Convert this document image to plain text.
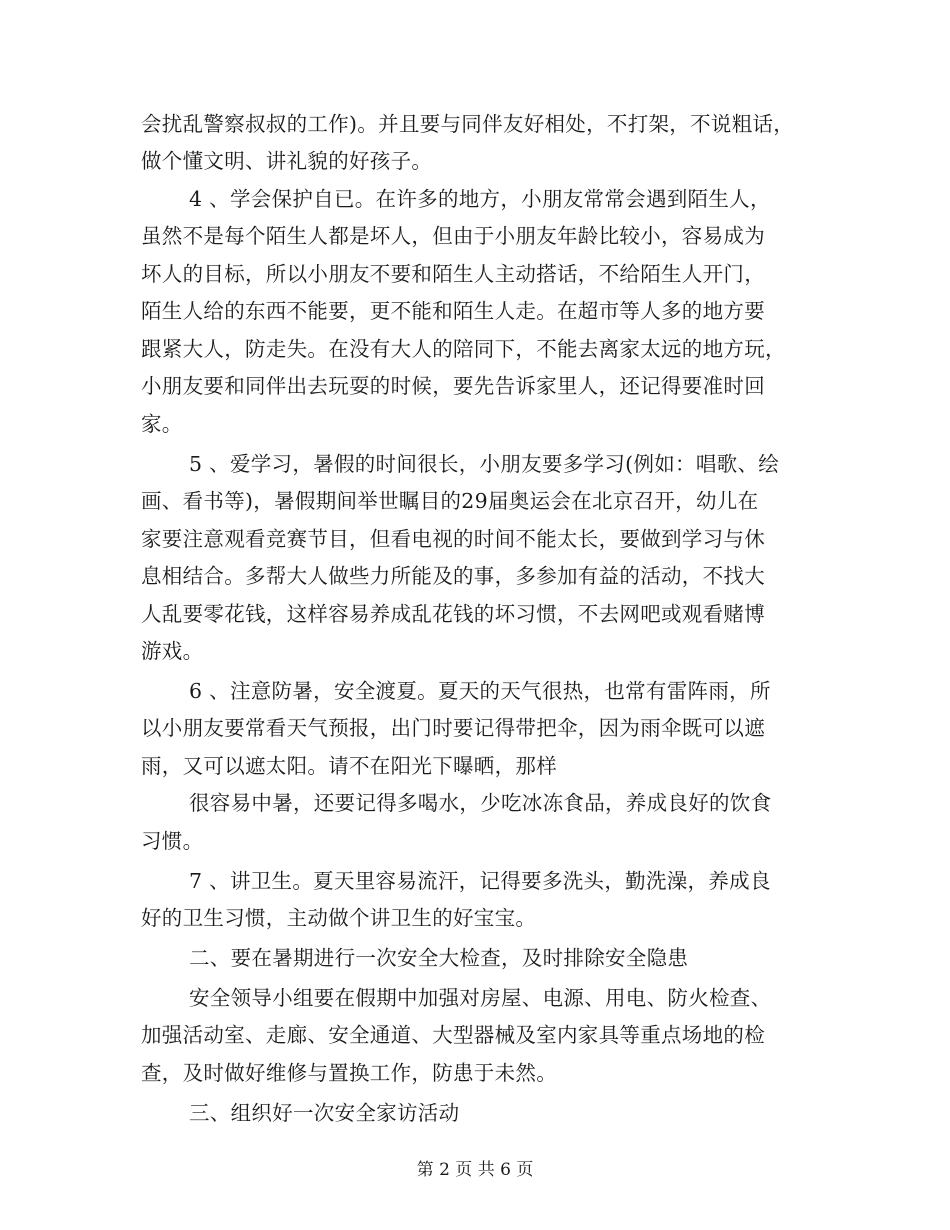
会扰乱警察叔叔的工作)。并且要与同伴友好相处，不打架，不说粗话，
做个懂文明、讲礼貌的好孩子。
4 、学会保护自已。在许多的地方，小朋友常常会遇到陌生人，
虽然不是每个陌生人都是坏人，但由于小朋友年龄比较小，容易成为
坏人的目标，所以小朋友不要和陌生人主动搭话，不给陌生人开门，
陌生人给的东西不能要，更不能和陌生人走。在超市等人多的地方要
跟紧大人，防走失。在没有大人的陪同下，不能去离家太远的地方玩，
小朋友要和同伴出去玩耍的时候，要先告诉家里人，还记得要准时回
家。
5 、爱学习，暑假的时间很长，小朋友要多学习(例如：唱歌、绘
画、看书等)，暑假期间举世瞩目的29届奥运会在北京召开，幼儿在
家要注意观看竞赛节目，但看电视的时间不能太长，要做到学习与休
息相结合。多帮大人做些力所能及的事，多参加有益的活动，不找大
人乱要零花钱，这样容易养成乱花钱的坏习惯，不去网吧或观看赌博
游戏。
6 、注意防暑，安全渡夏。夏天的天气很热，也常有雷阵雨，所
以小朋友要常看天气预报，出门时要记得带把伞，因为雨伞既可以遮
雨，又可以遮太阳。请不在阳光下曝晒，那样
很容易中暑，还要记得多喝水，少吃冰冻食品，养成良好的饮食
习惯。
7 、讲卫生。夏天里容易流汗，记得要多洗头，勤洗澡，养成良
好的卫生习惯，主动做个讲卫生的好宝宝。
二、要在暑期进行一次安全大检查，及时排除安全隐患
安全领导小组要在假期中加强对房屋、电源、用电、防火检查、
加强活动室、走廊、安全通道、大型器械及室内家具等重点场地的检
查，及时做好维修与置换工作，防患于未然。
三、组织好一次安全家访活动
第 2 页 共 6 页
